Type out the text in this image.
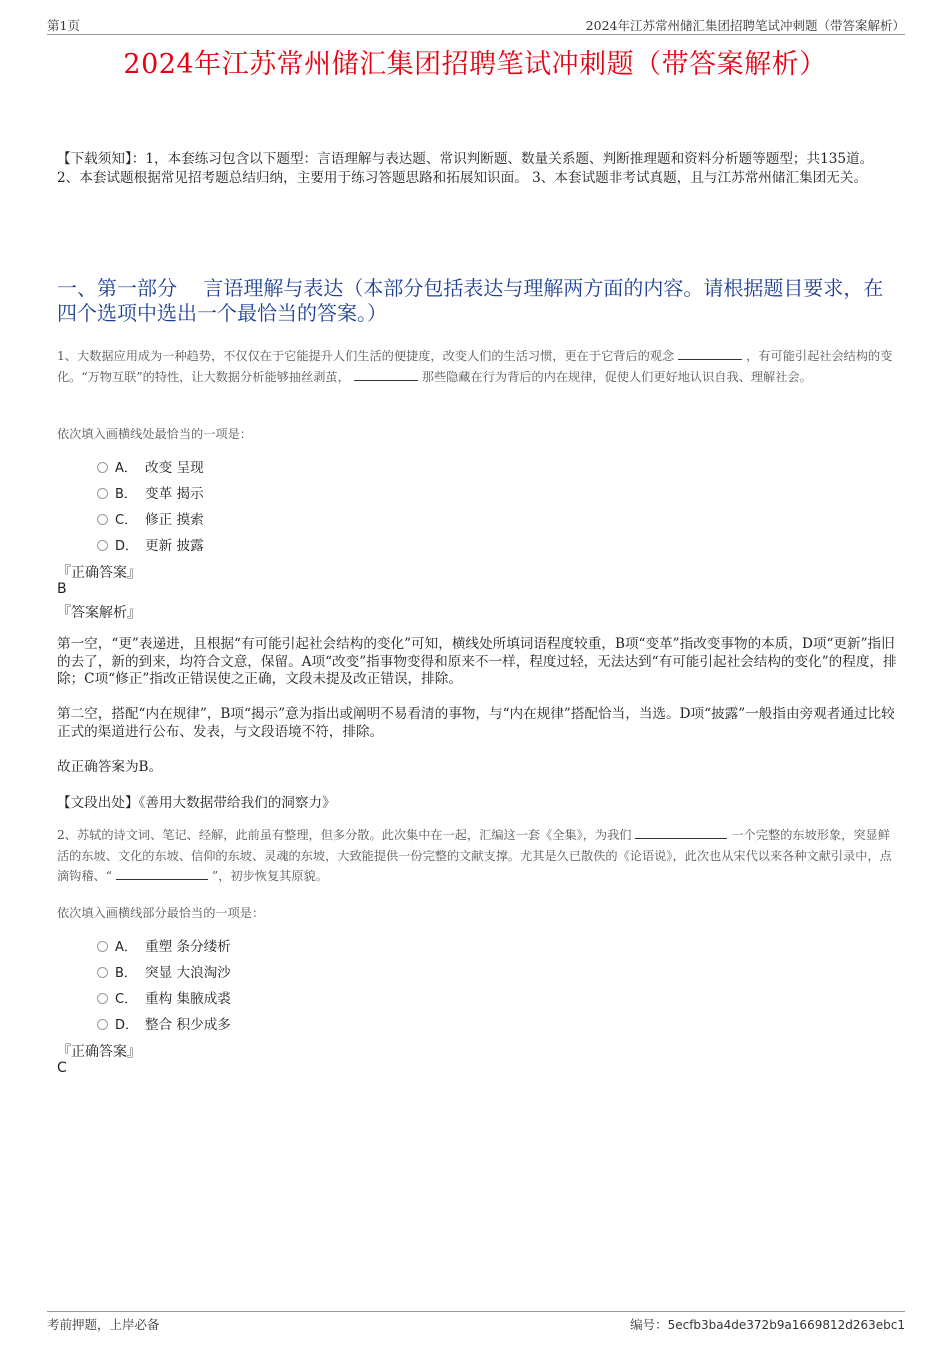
第1页	2024年江苏常州储汇集团招聘笔试冲刺题（带答案解析）
2024年江苏常州储汇集团招聘笔试冲刺题（带答案解析）
【下载须知】：1，本套练习包含以下题型：言语理解与表达题、常识判断题、数量关系题、判断推理题和资料分析题等题型；共135道。 2、本套试题根据常见招考题总结归纳，主要用于练习答题思路和拓展知识面。 3、本套试题非考试真题，且与江苏常州储汇集团无关。
一、第一部分　 言语理解与表达（本部分包括表达与理解两方面的内容。请根据题目要求，在四个选项中选出一个最恰当的答案。）
1、大数据应用成为一种趋势，不仅仅在于它能提升人们生活的便捷度，改变人们的生活习惯，更在于它背后的观念	，有可能引起社会结构的变化。“万物互联”的特性，让大数据分析能够抽丝剥茧，	那些隐藏在行为背后的内在规律，促使人们更好地认识自我、理解社会。
依次填入画横线处最恰当的一项是：
A． 改变 呈现
B． 变革 揭示
C． 修正 摸索
D． 更新 披露
『正确答案』
B
『答案解析』
第一空，“更”表递进，且根据“有可能引起社会结构的变化”可知，横线处所填词语程度较重，B项“变革”指改变事物的本质，D项“更新”指旧的去了，新的到来，均符合文意，保留。A项“改变”指事物变得和原来不一样，程度过轻，无法达到“有可能引起社会结构的变化”的程度，排除；C项“修正”指改正错误使之正确，文段未提及改正错误，排除。
第二空，搭配“内在规律”，B项“揭示”意为指出或阐明不易看清的事物，与“内在规律”搭配恰当，当选。D项“披露”一般指由旁观者通过比较正式的渠道进行公布、发表，与文段语境不符，排除。
故正确答案为B。
【文段出处】《善用大数据带给我们的洞察力》
2、苏轼的诗文词、笔记、经解，此前虽有整理，但多分散。此次集中在一起，汇编这一套《全集》，为我们	一个完整的东坡形象，突显鲜活的东坡、文化的东坡、信仰的东坡、灵魂的东坡，大致能提供一份完整的文献支撑。尤其是久已散佚的《论语说》，此次也从宋代以来各种文献引录中，点滴钩稽、“	”，初步恢复其原貌。
依次填入画横线部分最恰当的一项是：
A． 重塑 条分缕析
B． 突显 大浪淘沙
C． 重构 集腋成裘
D． 整合 积少成多
『正确答案』
C
考前押题，上岸必备	编号：5ecfb3ba4de372b9a1669812d263ebc1
